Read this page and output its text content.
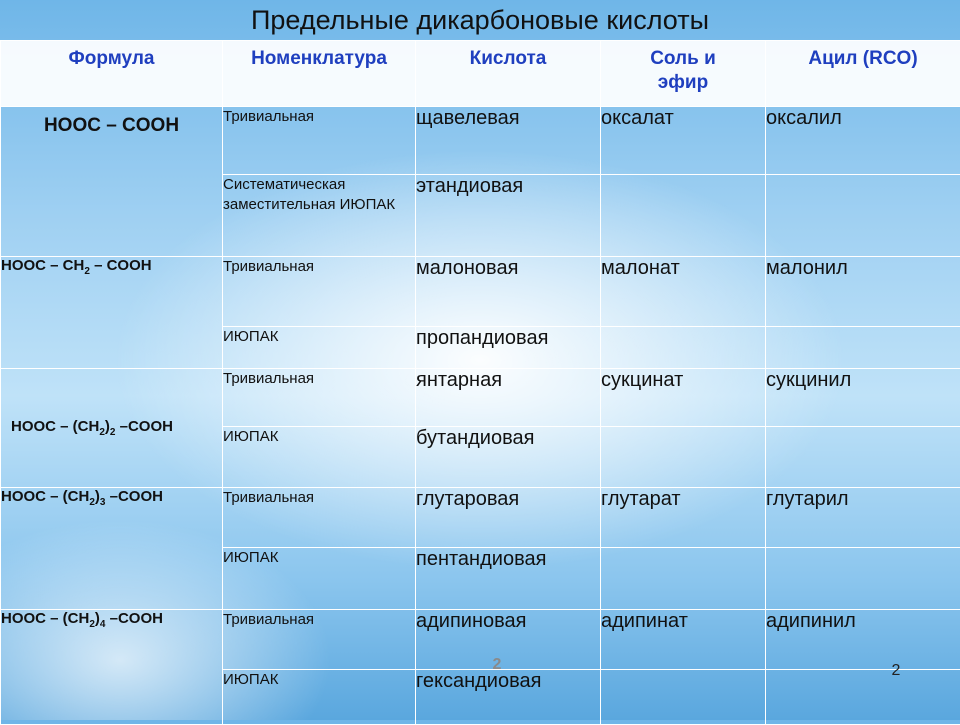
Предельные дикарбоновые кислоты
Формула	Номенклатура	Кислота	Соль и эфир	Ацил (RCO)
HOOC – COOH	Тривиальная	щавелевая	оксалат	оксалил
	Систематическая заместительная ИЮПАК	этандиовая		
HOOC – $CH_2$ – COOH	Тривиальная	малоновая	малонат	малонил
	ИЮПАК	пропандиовая		
HOOC – $(CH_2)_2$ –COOH	Тривиальная	янтарная	сукцинат	сукцинил
	ИЮПАК	бутандиовая		
HOOC – $(CH_2)_3$ –COOH	Тривиальная	глутаровая	глутарат	глутарил
	ИЮПАК	пентандиовая		
HOOC – $(CH_2)_4$ –COOH	Тривиальная	адипиновая	адипинат	адипинил
	ИЮПАК	гександиовая		
2	2
